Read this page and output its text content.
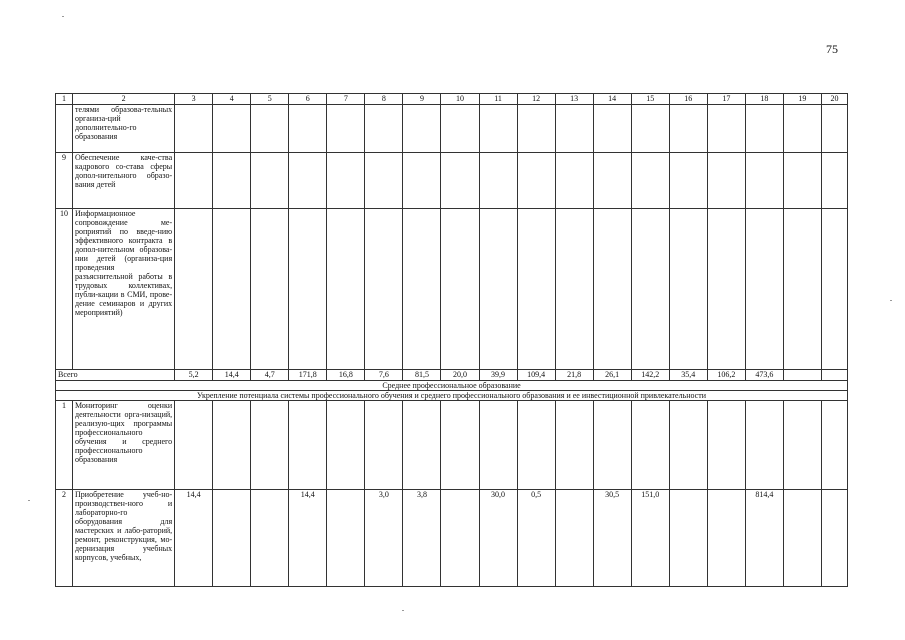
75
1	2	3	4	5	6	7	8	9	10	11	12	13	14	15	16	17	18	19	20
	телями образова-тельных организа-ций дополнительно-го образования																		
9	Обеспечение каче-ства кадрового со-става сферы допол-нительного образо-вания детей																		
10	Информационное сопровождение ме-роприятий по введе-нию эффективного контракта в допол-нительном образова-нии детей (организа-ция проведения разъяснительной работы в трудовых коллективах, публи-кации в СМИ, прове-дение семинаров и других мероприятий)																		
Всего		5,2	14,4	4,7	171,8	16,8	7,6	81,5	20,0	39,9	109,4	21,8	26,1	142,2	35,4	106,2	473,6		
Среднее профессиональное образование																			
Укрепление потенциала системы профессионального обучения и среднего профессионального образования и ее инвестиционной привлекательности																			
1	Мониторинг оценки деятельности орга-низаций, реализую-щих программы профессионального обучения и среднего профессионального образования																		
2	Приобретение учеб-но-производствен-ного и лабораторно-го оборудования для мастерских и лабо-раторий, ремонт, реконструкция, мо-дернизация учебных корпусов, учебных,	14,4			14,4		3,0	3,8		30,0	0,5		30,5	151,0			814,4		
